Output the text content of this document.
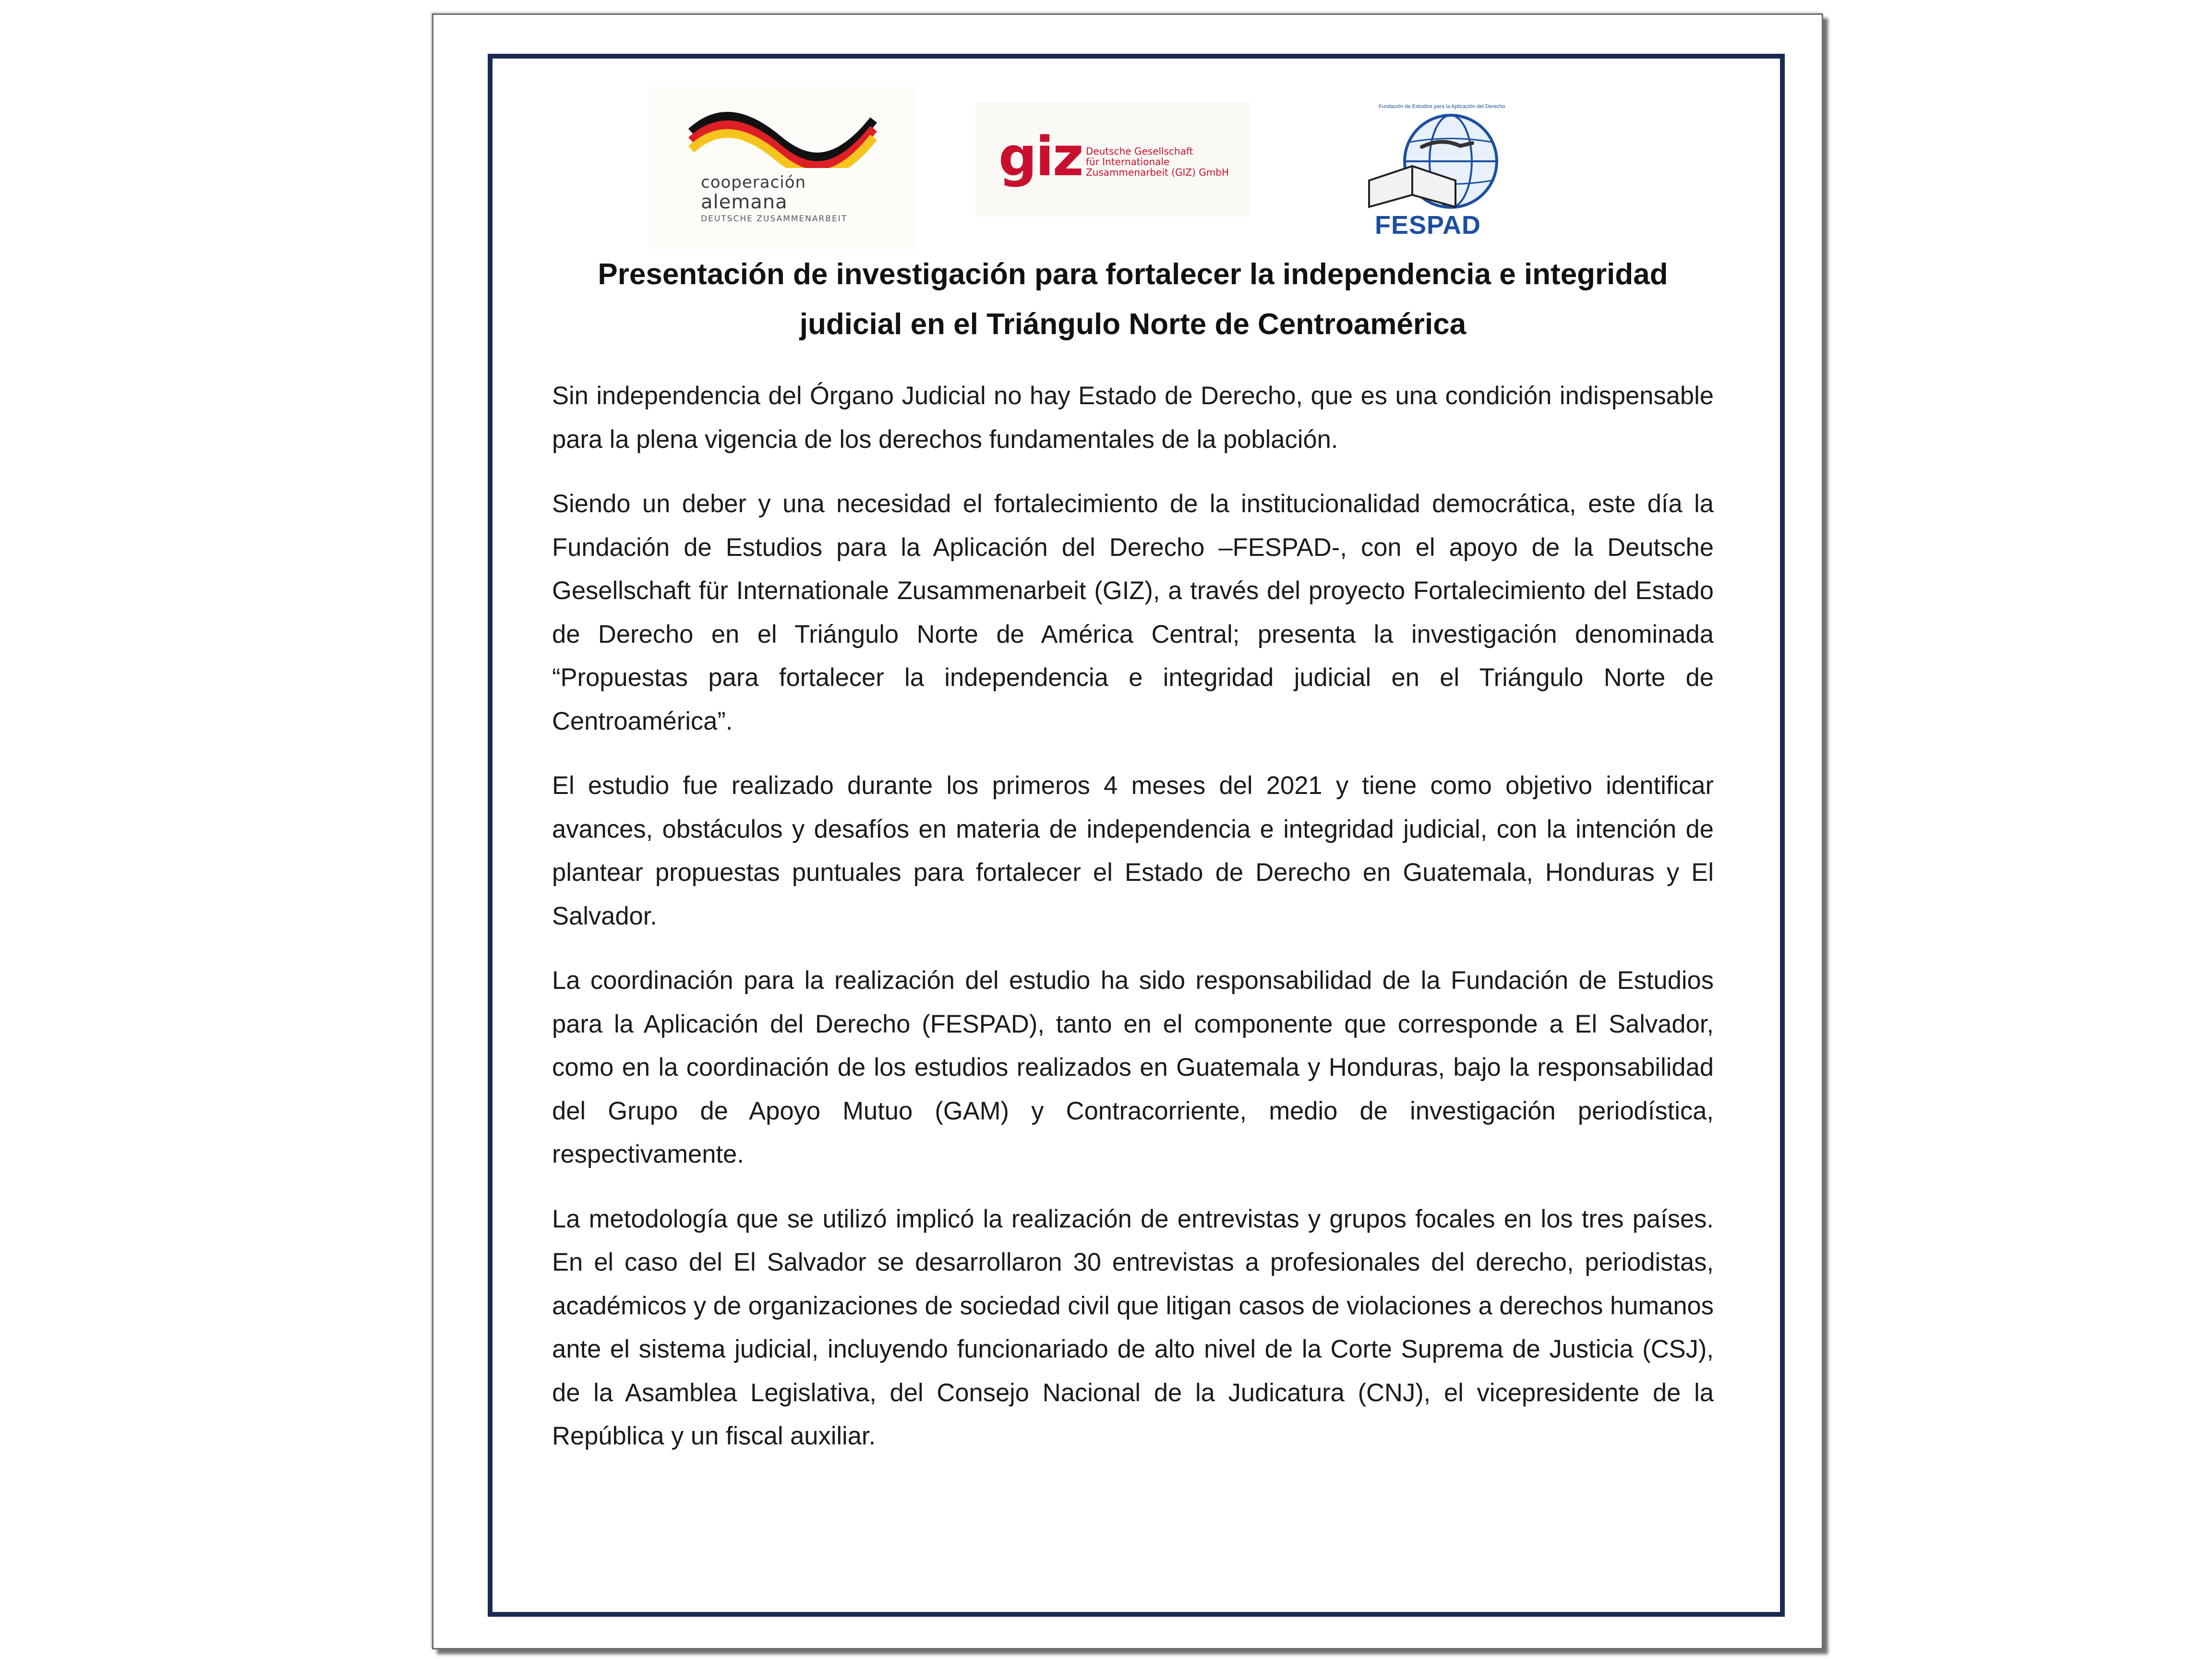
cooperación
alemana
DEUTSCHE ZUSAMMENARBEIT
giz Deutsche Gesellschaft
für Internationale
Zusammenarbeit (GIZ) GmbH
Fundación de Estudios para la Aplicación del Derecho
FESPAD
Presentación de investigación para fortalecer la independencia e integridad judicial en el Triángulo Norte de Centroamérica

Sin independencia del Órgano Judicial no hay Estado de Derecho, que es una condición indispensable para la plena vigencia de los derechos fundamentales de la población.

Siendo un deber y una necesidad el fortalecimiento de la institucionalidad democrática, este día la Fundación de Estudios para la Aplicación del Derecho –FESPAD-, con el apoyo de la Deutsche Gesellschaft für Internationale Zusammenarbeit (GIZ), a través del proyecto Fortalecimiento del Estado de Derecho en el Triángulo Norte de América Central; presenta la investigación denominada “Propuestas para fortalecer la independencia e integridad judicial en el Triángulo Norte de Centroamérica”.

El estudio fue realizado durante los primeros 4 meses del 2021 y tiene como objetivo identificar avances, obstáculos y desafíos en materia de independencia e integridad judicial, con la intención de plantear propuestas puntuales para fortalecer el Estado de Derecho en Guatemala, Honduras y El Salvador.

La coordinación para la realización del estudio ha sido responsabilidad de la Fundación de Estudios para la Aplicación del Derecho (FESPAD), tanto en el componente que corresponde a El Salvador, como en la coordinación de los estudios realizados en Guatemala y Honduras, bajo la responsabilidad del Grupo de Apoyo Mutuo (GAM) y Contracorriente, medio de investigación periodística, respectivamente.

La metodología que se utilizó implicó la realización de entrevistas y grupos focales en los tres países. En el caso del El Salvador se desarrollaron 30 entrevistas a profesionales del derecho, periodistas, académicos y de organizaciones de sociedad civil que litigan casos de violaciones a derechos humanos ante el sistema judicial, incluyendo funcionariado de alto nivel de la Corte Suprema de Justicia (CSJ), de la Asamblea Legislativa, del Consejo Nacional de la Judicatura (CNJ), el vicepresidente de la República y un fiscal auxiliar.
